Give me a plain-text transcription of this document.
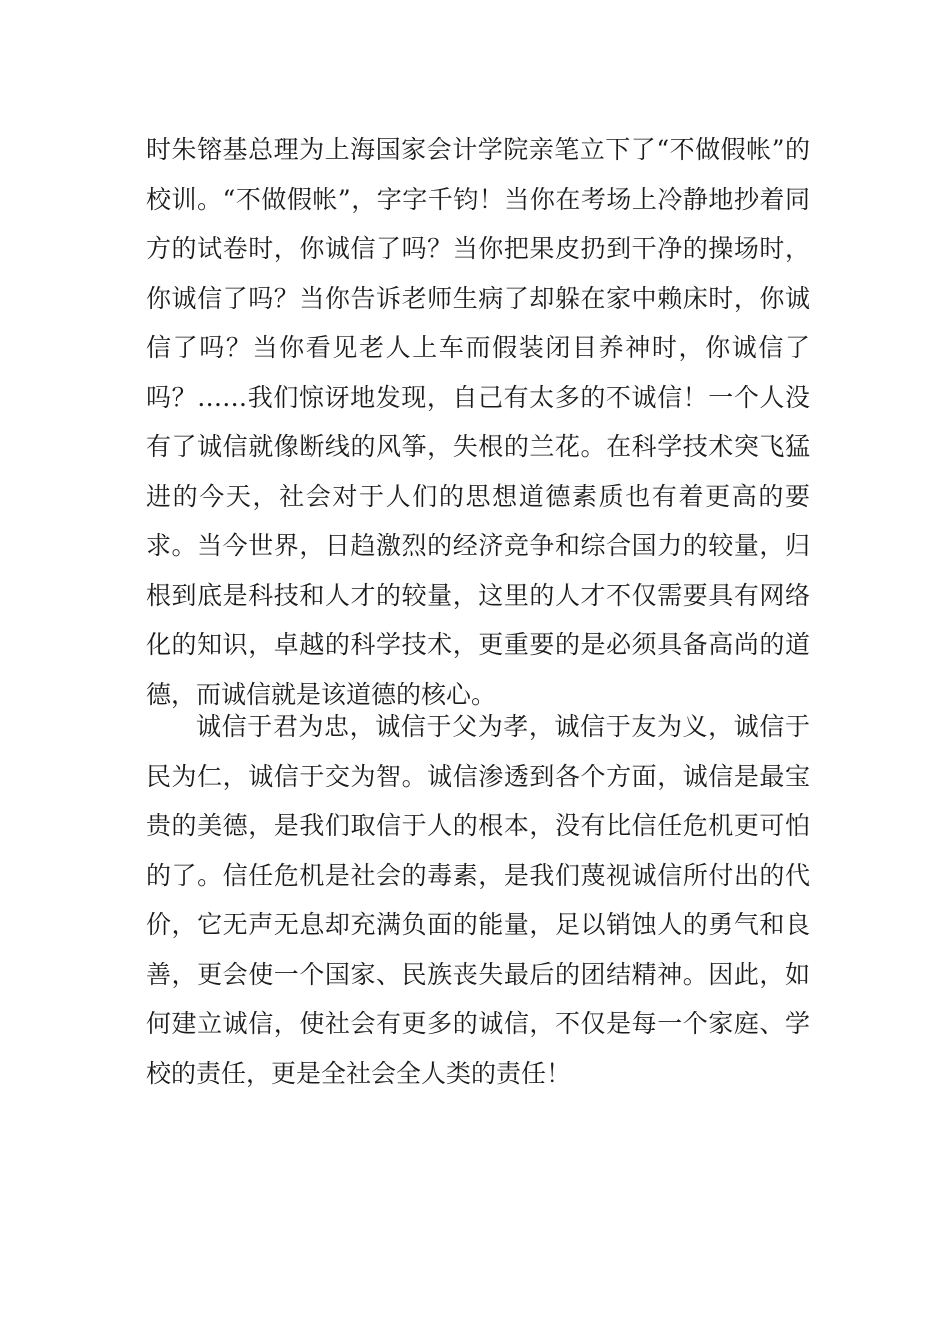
时朱镕基总理为上海国家会计学院亲笔立下了“不做假帐”的校训。“不做假帐”，字字千钧！当你在考场上冷静地抄着同方的试卷时，你诚信了吗？当你把果皮扔到干净的操场时，你诚信了吗？当你告诉老师生病了却躲在家中赖床时，你诚信了吗？当你看见老人上车而假装闭目养神时，你诚信了吗？……我们惊讶地发现，自己有太多的不诚信！一个人没有了诚信就像断线的风筝，失根的兰花。在科学技术突飞猛进的今天，社会对于人们的思想道德素质也有着更高的要求。当今世界，日趋激烈的经济竞争和综合国力的较量，归根到底是科技和人才的较量，这里的人才不仅需要具有网络化的知识，卓越的科学技术，更重要的是必须具备高尚的道德，而诚信就是该道德的核心。

诚信于君为忠，诚信于父为孝，诚信于友为义，诚信于民为仁，诚信于交为智。诚信渗透到各个方面，诚信是最宝贵的美德，是我们取信于人的根本，没有比信任危机更可怕的了。信任危机是社会的毒素，是我们蔑视诚信所付出的代价，它无声无息却充满负面的能量，足以销蚀人的勇气和良善，更会使一个国家、民族丧失最后的团结精神。因此，如何建立诚信，使社会有更多的诚信，不仅是每一个家庭、学校的责任，更是全社会全人类的责任！
